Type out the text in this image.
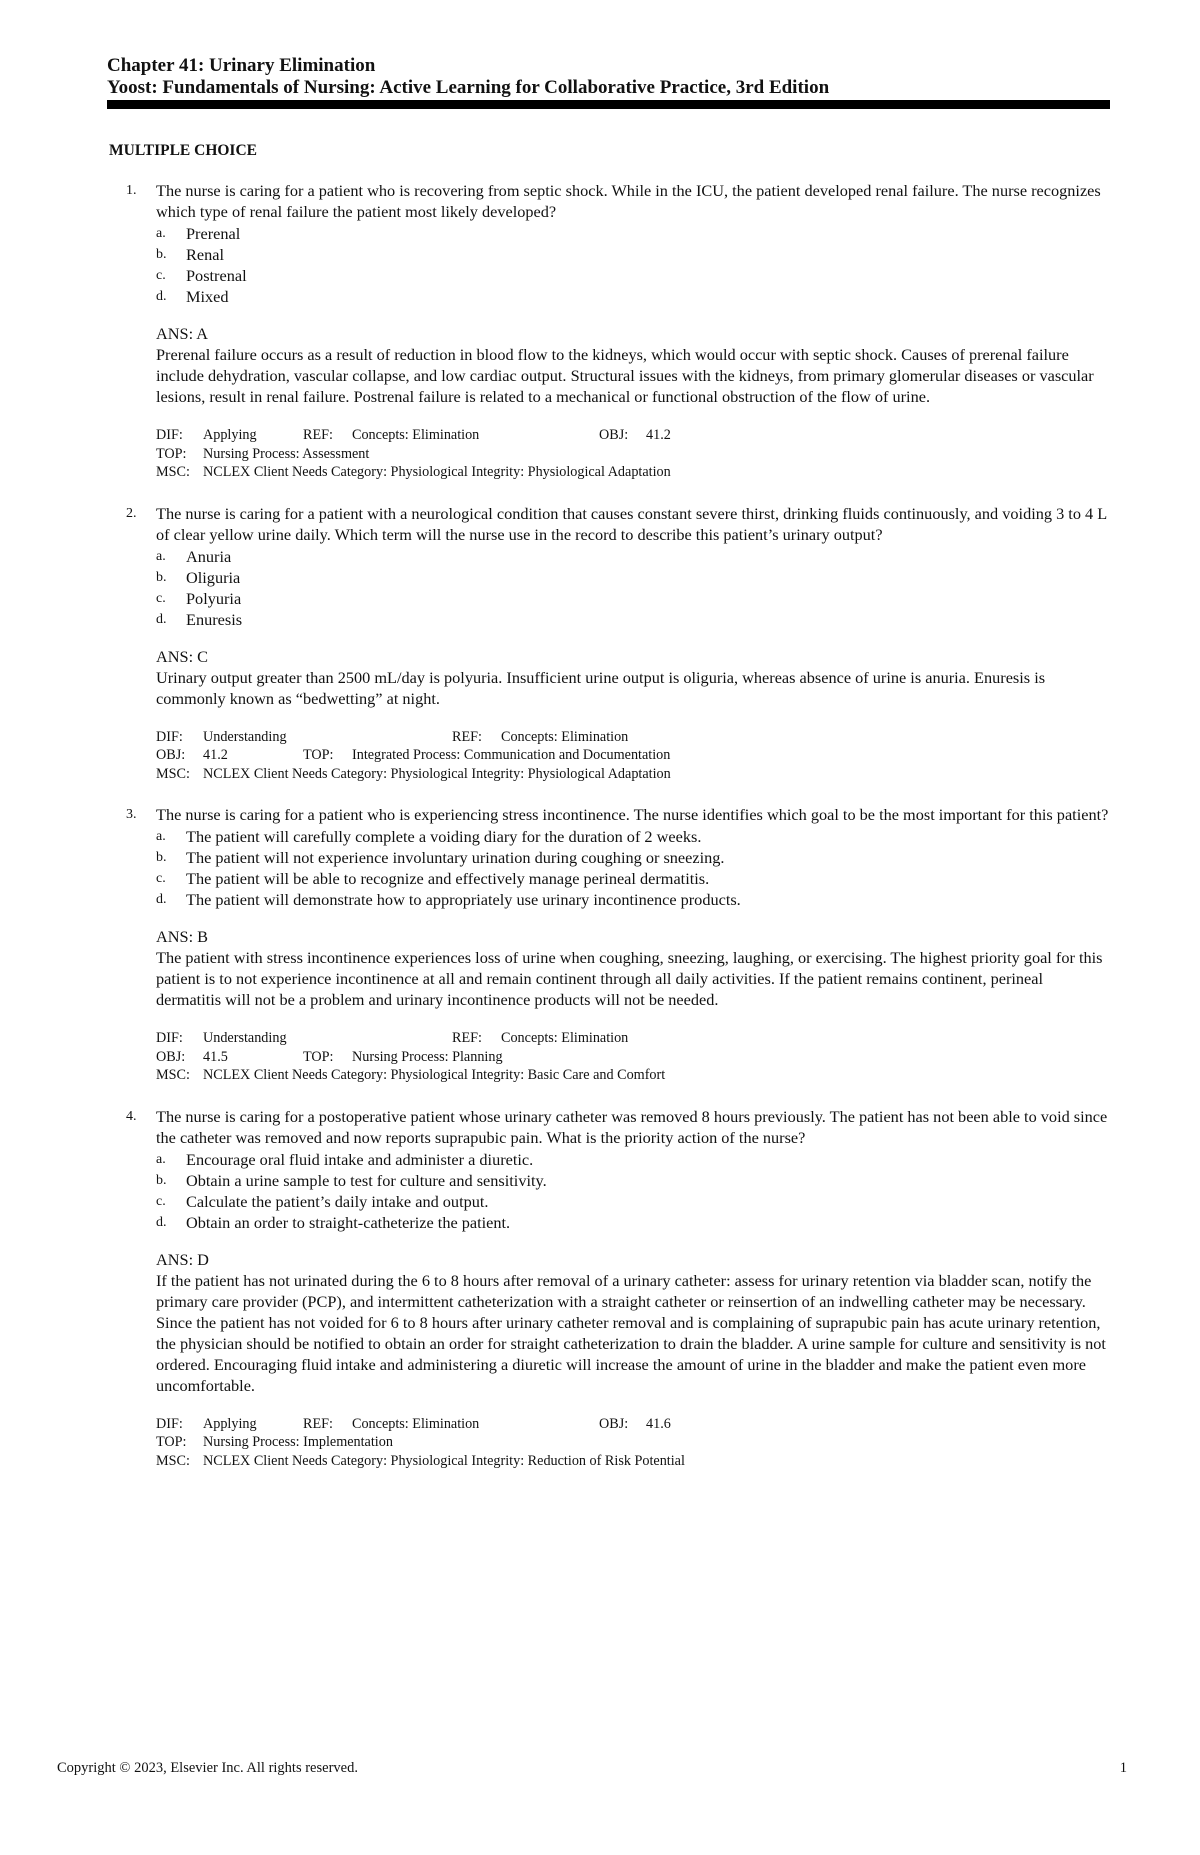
Chapter 41: Urinary Elimination
Yoost: Fundamentals of Nursing: Active Learning for Collaborative Practice, 3rd Edition
MULTIPLE CHOICE
1. The nurse is caring for a patient who is recovering from septic shock. While in the ICU, the patient developed renal failure. The nurse recognizes which type of renal failure the patient most likely developed?

a. Prerenal
b. Renal
c. Postrenal
d. Mixed
ANS: A

Prerenal failure occurs as a result of reduction in blood flow to the kidneys, which would occur with septic shock. Causes of prerenal failure include dehydration, vascular collapse, and low cardiac output. Structural issues with the kidneys, from primary glomerular diseases or vascular lesions, result in renal failure. Postrenal failure is related to a mechanical or functional obstruction of the flow of urine.

DIF:	Applying	REF:	Concepts: Elimination	OBJ:	41.2
TOP:	Nursing Process: Assessment
MSC: NCLEX Client Needs Category: Physiological Integrity: Physiological Adaptation
2. The nurse is caring for a patient with a neurological condition that causes constant severe thirst, drinking fluids continuously, and voiding 3 to 4 L of clear yellow urine daily. Which term will the nurse use in the record to describe this patient’s urinary output?

a. Anuria
b. Oliguria
c. Polyuria
d. Enuresis
ANS: C

Urinary output greater than 2500 mL/day is polyuria. Insufficient urine output is oliguria, whereas absence of urine is anuria. Enuresis is commonly known as “bedwetting” at night.

DIF:	Understanding	REF:	Concepts: Elimination
OBJ:	41.2	TOP:	Integrated Process: Communication and Documentation
MSC: NCLEX Client Needs Category: Physiological Integrity: Physiological Adaptation
3. The nurse is caring for a patient who is experiencing stress incontinence. The nurse identifies which goal to be the most important for this patient?

a. The patient will carefully complete a voiding diary for the duration of 2 weeks.
b. The patient will not experience involuntary urination during coughing or sneezing.
c. The patient will be able to recognize and effectively manage perineal dermatitis.
d. The patient will demonstrate how to appropriately use urinary incontinence products.
ANS: B

The patient with stress incontinence experiences loss of urine when coughing, sneezing, laughing, or exercising. The highest priority goal for this patient is to not experience incontinence at all and remain continent through all daily activities. If the patient remains continent, perineal dermatitis will not be a problem and urinary incontinence products will not be needed.

DIF:	Understanding	REF:	Concepts: Elimination
OBJ:	41.5	TOP:	Nursing Process: Planning
MSC: NCLEX Client Needs Category: Physiological Integrity: Basic Care and Comfort
4. The nurse is caring for a postoperative patient whose urinary catheter was removed 8 hours previously. The patient has not been able to void since the catheter was removed and now reports suprapubic pain. What is the priority action of the nurse?

a. Encourage oral fluid intake and administer a diuretic.
b. Obtain a urine sample to test for culture and sensitivity.
c. Calculate the patient’s daily intake and output.
d. Obtain an order to straight-catheterize the patient.
ANS: D

If the patient has not urinated during the 6 to 8 hours after removal of a urinary catheter: assess for urinary retention via bladder scan, notify the primary care provider (PCP), and intermittent catheterization with a straight catheter or reinsertion of an indwelling catheter may be necessary. Since the patient has not voided for 6 to 8 hours after urinary catheter removal and is complaining of suprapubic pain has acute urinary retention, the physician should be notified to obtain an order for straight catheterization to drain the bladder. A urine sample for culture and sensitivity is not ordered. Encouraging fluid intake and administering a diuretic will increase the amount of urine in the bladder and make the patient even more uncomfortable.

DIF:	Applying	REF:	Concepts: Elimination	OBJ:	41.6
TOP:	Nursing Process: Implementation
MSC: NCLEX Client Needs Category: Physiological Integrity: Reduction of Risk Potential
Copyright © 2023, Elsevier Inc. All rights reserved.	1
